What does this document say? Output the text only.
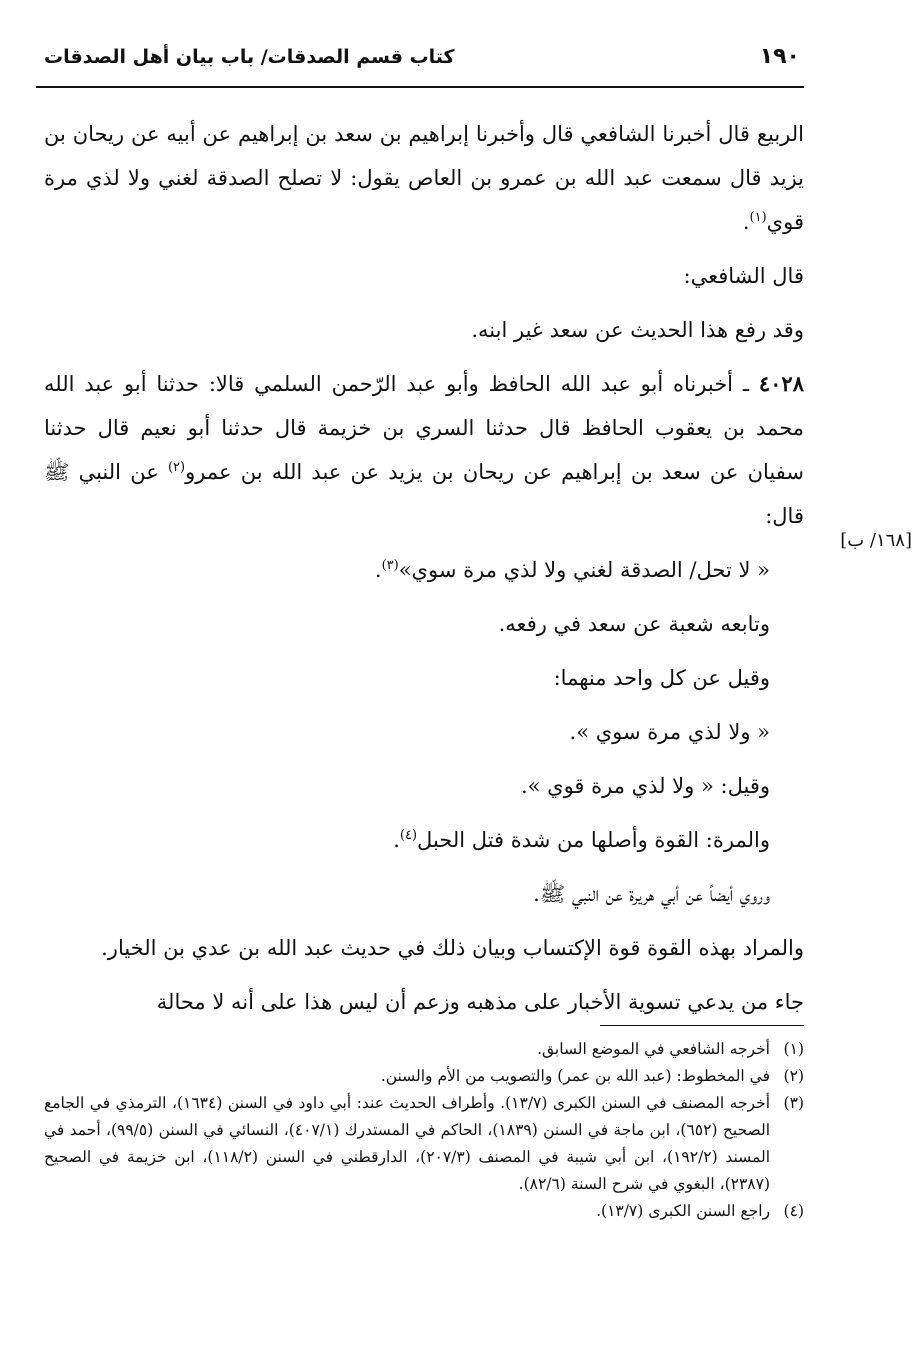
١٩٠
كتاب قسم الصدقات/ باب بيان أهل الصدقات
[١٦٨/ ب]

الربيع قال أخبرنا الشافعي قال وأخبرنا إبراهيم بن سعد بن إبراهيم عن أبيه عن ريحان بن يزيد قال سمعت عبد الله بن عمرو بن العاص يقول: لا تصلح الصدقة لغني ولا لذي مرة قوي$^{(١)}$.

قال الشافعي:

وقد رفع هذا الحديث عن سعد غير ابنه.

٤٠٢٨ ـ أخبرناه أبو عبد الله الحافظ وأبو عبد الرّحمن السلمي قالا: حدثنا أبو عبد الله محمد بن يعقوب الحافظ قال حدثنا السري بن خزيمة قال حدثنا أبو نعيم قال حدثنا سفيان عن سعد بن إبراهيم عن ريحان بن يزيد عن عبد الله بن عمرو$^{(٢)}$ عن النبي ﷺ قال:

« لا تحل/ الصدقة لغني ولا لذي مرة سوي»$^{(٣)}$.

وتابعه شعبة عن سعد في رفعه.

وقيل عن كل واحد منهما:

« ولا لذي مرة سوي ».

وقيل: « ولا لذي مرة قوي ».

والمرة: القوة وأصلها من شدة فتل الحبل$^{(٤)}$.

وروي أيضاً عن أبي هريرة عن النبي ﷺ.

والمراد بهذه القوة قوة الإكتساب وبيان ذلك في حديث عبد الله بن عدي بن الخيار.

جاء من يدعي تسوية الأخبار على مذهبه وزعم أن ليس هذا على أنه لا محالة

(١)
أخرجه الشافعي في الموضع السابق.
(٢)
في المخطوط: (عبد الله بن عمر) والتصويب من الأم والسنن.
(٣)
أخرجه المصنف في السنن الكبرى (١٣/٧). وأطراف الحديث عند: أبي داود في السنن (١٦٣٤)، الترمذي في الجامع الصحيح (٦٥٢)، ابن ماجة في السنن (١٨٣٩)، الحاكم في المستدرك (٤٠٧/١)، النسائي في السنن (٩٩/٥)، أحمد في المسند (١٩٢/٢)، ابن أبي شيبة في المصنف (٢٠٧/٣)، الدارقطني في السنن (١١٨/٢)، ابن خزيمة في الصحيح (٢٣٨٧)، البغوي في شرح السنة (٨٢/٦).
(٤)
راجع السنن الكبرى (١٣/٧).
